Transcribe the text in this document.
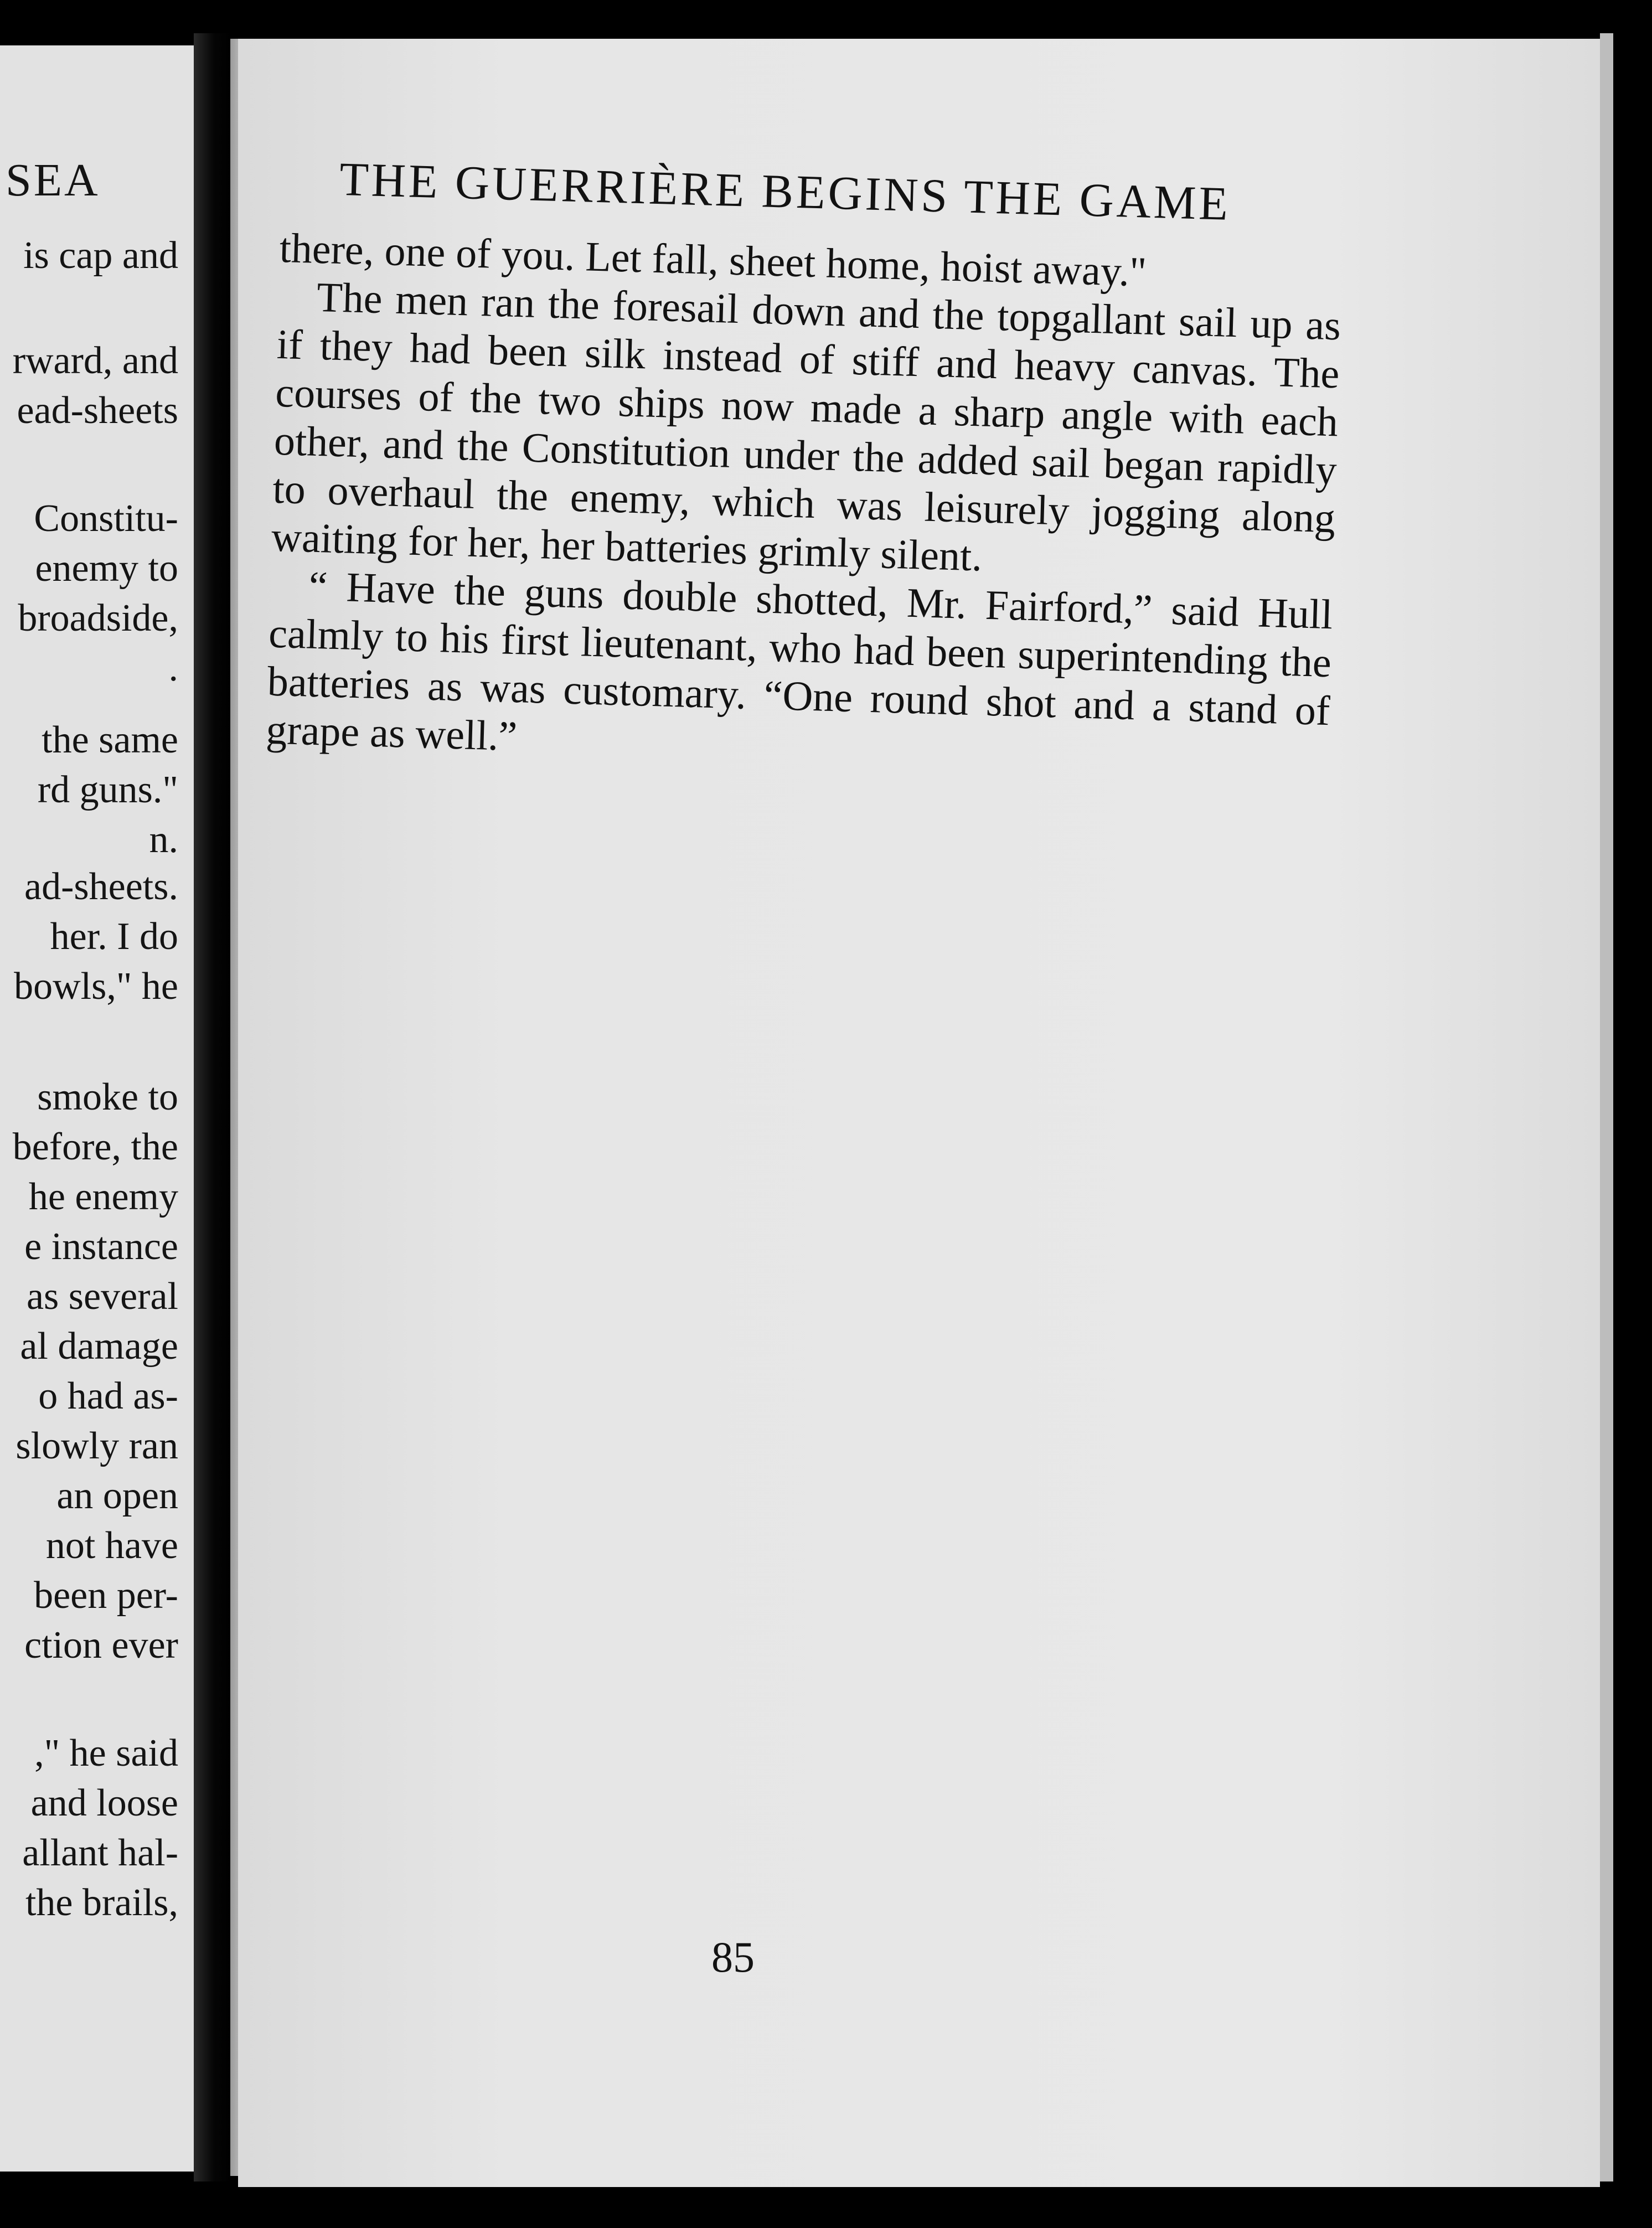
SEA
is cap and
rward, and
ead-sheets
Constitu-
enemy to
broadside,
.
the same
rd guns."
n.
ad-sheets.
her. I do
bowls," he
smoke to
before, the
he enemy
e instance
as several
al damage
o had as-
slowly ran
an open
not have
been per-
ction ever
," he said
and loose
allant hal-
the brails,
THE GUERRIÈRE BEGINS THE GAME

there, one of you. Let fall, sheet home, hoist away."

The men ran the foresail down and the topgallant sail up as if they had been silk instead of stiff and heavy canvas. The courses of the two ships now made a sharp angle with each other, and the Constitution under the added sail began rapidly to overhaul the enemy, which was leisurely jogging along waiting for her, her batteries grimly silent.

“ Have the guns double shotted, Mr. Fairford,” said Hull calmly to his first lieutenant, who had been superintending the batteries as was customary. “One round shot and a stand of grape as well.”

85
